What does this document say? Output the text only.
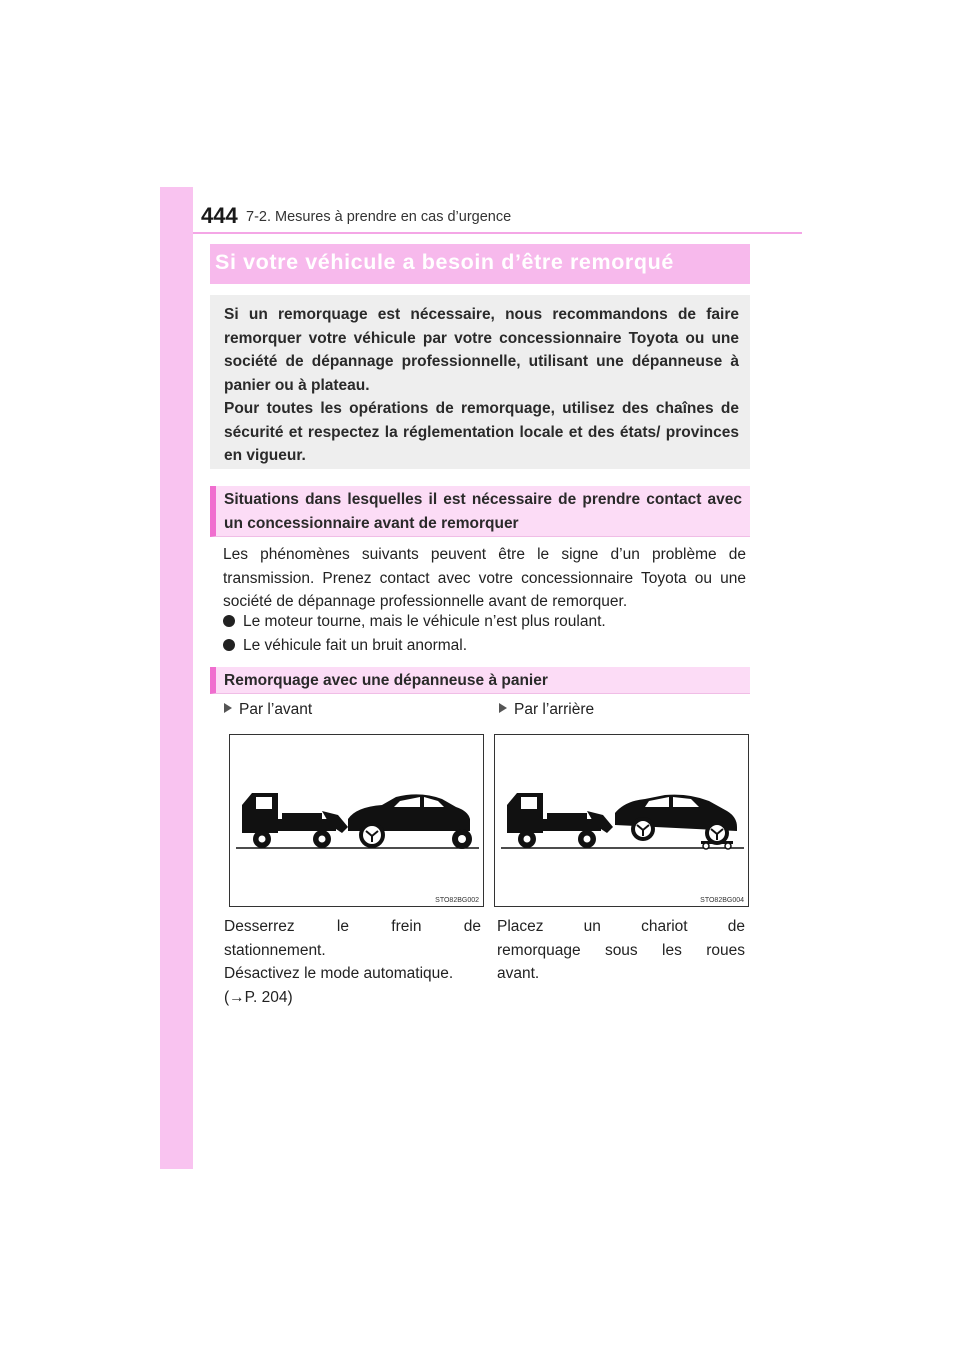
444 7-2. Mesures à prendre en cas d’urgence
Si votre véhicule a besoin d’être remorqué

Si un remorquage est nécessaire, nous recommandons de faire remorquer votre véhicule par votre concessionnaire Toyota ou une société de dépannage professionnelle, utilisant une dépanneuse à panier ou à plateau.

Pour toutes les opérations de remorquage, utilisez des chaînes de sécurité et respectez la réglementation locale et des états/ provinces en vigueur.

Situations dans lesquelles il est nécessaire de prendre contact avec un concessionnaire avant de remorquer

Les phénomènes suivants peuvent être le signe d’un problème de transmission. Prenez contact avec votre concessionnaire Toyota ou une société de dépannage professionnelle avant de remorquer.

Le moteur tourne, mais le véhicule n’est plus roulant.
Le véhicule fait un bruit anormal.

Remorquage avec une dépanneuse à panier

Par l’avant	Par l’arrière
STO82BG002	STO82BG004

Desserrez le frein de
stationnement.
Désactivez le mode automatique.
(→P. 204)

Placez un chariot de
remorquage sous les roues
avant.
